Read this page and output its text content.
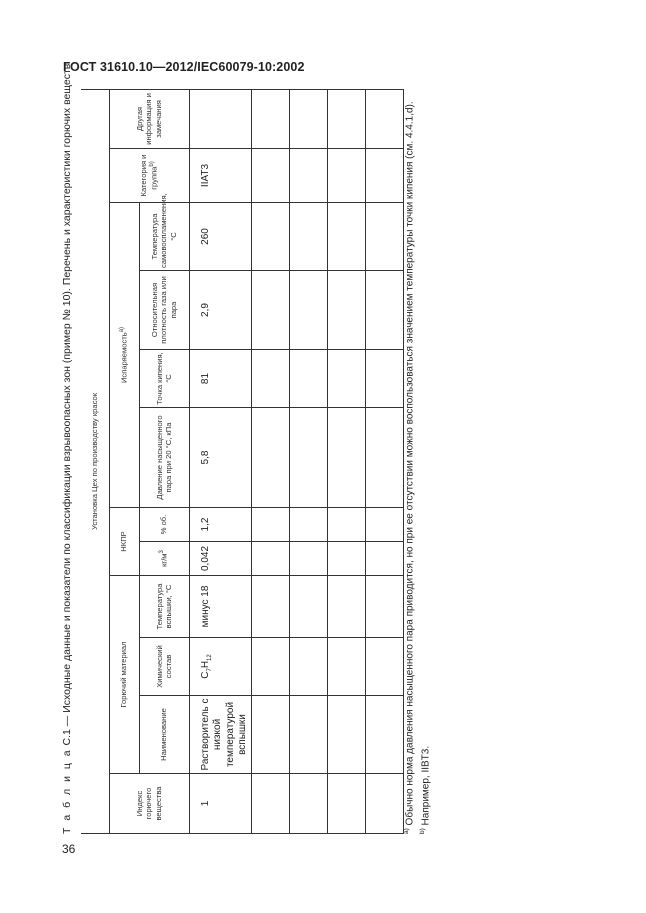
ГОСТ 31610.10—2012/IEC60079-10:2002
Т а б л и ц а С.1 — Исходные данные и показатели по классификации взрывоопасных зон (пример № 10). Перечень и характеристики горючих веществ Установка Цех по производству красок											
Индекс горючего вещества	Горючий материал			НКПР		Испаряемость$^{a)}$				Категория и группа$^{b)}$	Другая информация и замечания
	Наименование	Химический состав	Температура вспышки, °С	$кг/м^3$	% об.	Давление насыщенного пара при 20 °С, кПа	Точка кипения, °С	Относительная плотность газа или пара	Температура самовоспламенения, °С		

1	Растворитель с низкой температурой вспышки	$C_7H_{12}$	минус 18	0,042	1,2	5,8	81	2,9	260	IIAT3	

$^{a)}$ Обычно норма давления насыщенного пара приводится, но при ее отсутствии можно воспользоваться значением температуры точки кипения (см. 4.4.1,d).
$^{b)}$ Например, IIBT3.
36
